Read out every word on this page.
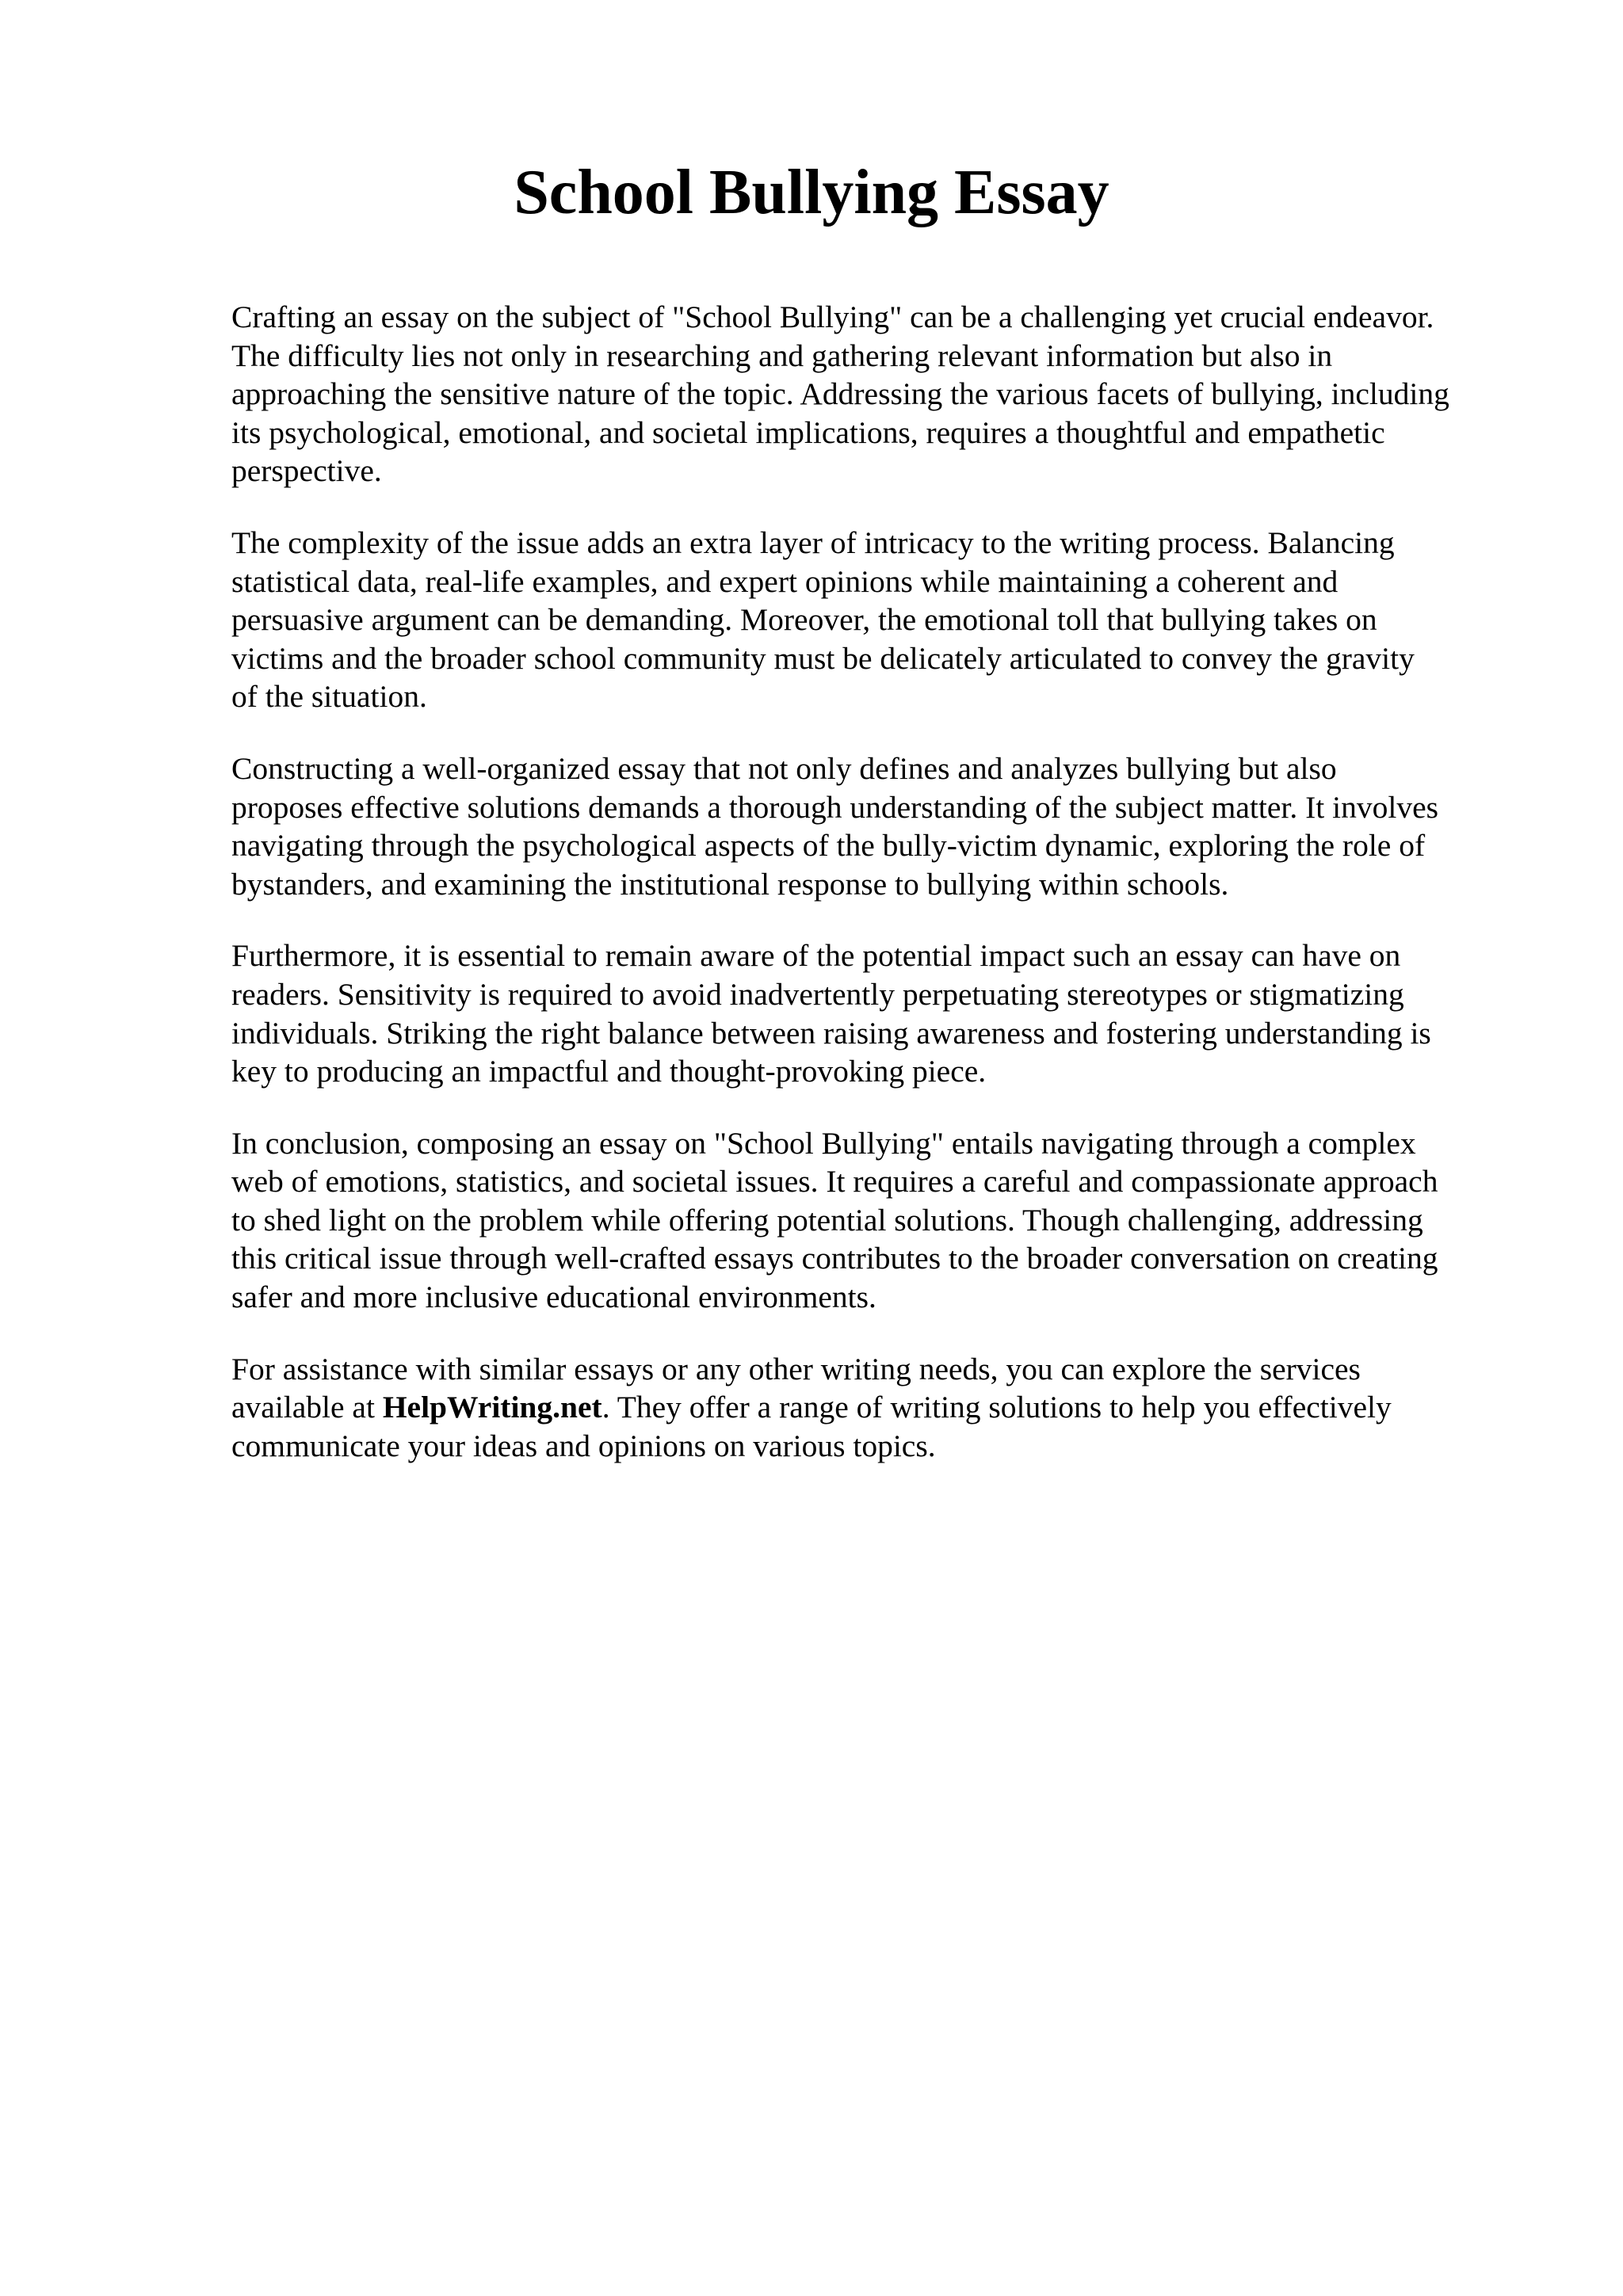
School Bullying Essay

Crafting an essay on the subject of "School Bullying" can be a challenging yet crucial endeavor.
The difficulty lies not only in researching and gathering relevant information but also in
approaching the sensitive nature of the topic. Addressing the various facets of bullying, including
its psychological, emotional, and societal implications, requires a thoughtful and empathetic
perspective.

The complexity of the issue adds an extra layer of intricacy to the writing process. Balancing
statistical data, real-life examples, and expert opinions while maintaining a coherent and
persuasive argument can be demanding. Moreover, the emotional toll that bullying takes on
victims and the broader school community must be delicately articulated to convey the gravity
of the situation.

Constructing a well-organized essay that not only defines and analyzes bullying but also
proposes effective solutions demands a thorough understanding of the subject matter. It involves
navigating through the psychological aspects of the bully-victim dynamic, exploring the role of
bystanders, and examining the institutional response to bullying within schools.

Furthermore, it is essential to remain aware of the potential impact such an essay can have on
readers. Sensitivity is required to avoid inadvertently perpetuating stereotypes or stigmatizing
individuals. Striking the right balance between raising awareness and fostering understanding is
key to producing an impactful and thought-provoking piece.

In conclusion, composing an essay on "School Bullying" entails navigating through a complex
web of emotions, statistics, and societal issues. It requires a careful and compassionate approach
to shed light on the problem while offering potential solutions. Though challenging, addressing
this critical issue through well-crafted essays contributes to the broader conversation on creating
safer and more inclusive educational environments.

For assistance with similar essays or any other writing needs, you can explore the services
available at HelpWriting.net. They offer a range of writing solutions to help you effectively
communicate your ideas and opinions on various topics.
